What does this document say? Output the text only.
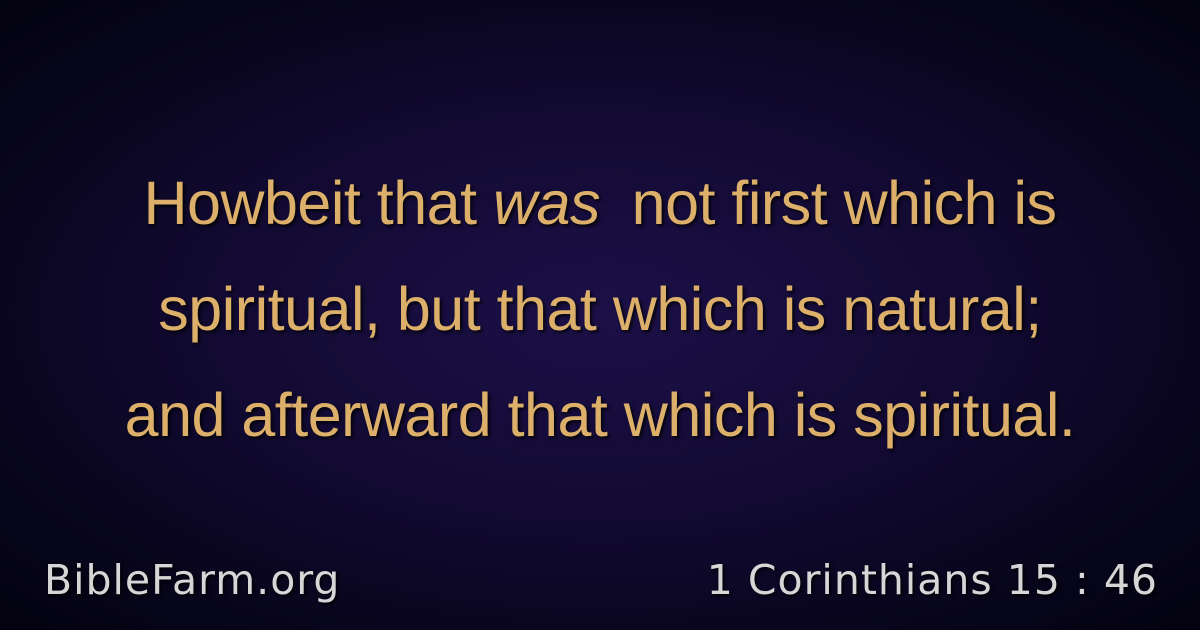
Howbeit that was not first which is
spiritual, but that which is natural;
and afterward that which is spiritual.
BibleFarm.org	1 Corinthians 15 : 46
